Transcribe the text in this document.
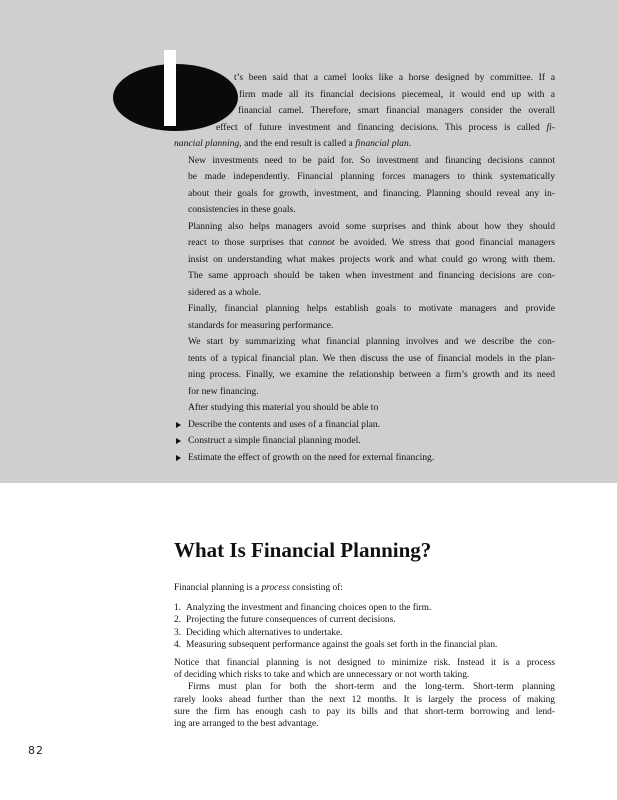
t’s been said that a camel looks like a horse designed by committee. If a
firm made all its financial decisions piecemeal, it would end up with a
financial camel. Therefore, smart financial managers consider the overall
effect of future investment and financing decisions. This process is called fi-
nancial planning, and the end result is called a financial plan.

New investments need to be paid for. So investment and financing decisions cannot
be made independently. Financial planning forces managers to think systematically
about their goals for growth, investment, and financing. Planning should reveal any in-
consistencies in these goals.

Planning also helps managers avoid some surprises and think about how they should
react to those surprises that cannot be avoided. We stress that good financial managers
insist on understanding what makes projects work and what could go wrong with them.
The same approach should be taken when investment and financing decisions are con-
sidered as a whole.

Finally, financial planning helps establish goals to motivate managers and provide
standards for measuring performance.

We start by summarizing what financial planning involves and we describe the con-
tents of a typical financial plan. We then discuss the use of financial models in the plan-
ning process. Finally, we examine the relationship between a firm’s growth and its need
for new financing.

After studying this material you should be able to

Describe the contents and uses of a financial plan.
Construct a simple financial planning model.
Estimate the effect of growth on the need for external financing.
What Is Financial Planning?

Financial planning is a process consisting of:

1. Analyzing the investment and financing choices open to the firm.
2. Projecting the future consequences of current decisions.
3. Deciding which alternatives to undertake.
4. Measuring subsequent performance against the goals set forth in the financial plan.

Notice that financial planning is not designed to minimize risk. Instead it is a process
of deciding which risks to take and which are unnecessary or not worth taking.

Firms must plan for both the short-term and the long-term. Short-term planning
rarely looks ahead further than the next 12 months. It is largely the process of making
sure the firm has enough cash to pay its bills and that short-term borrowing and lend-
ing are arranged to the best advantage.

82
